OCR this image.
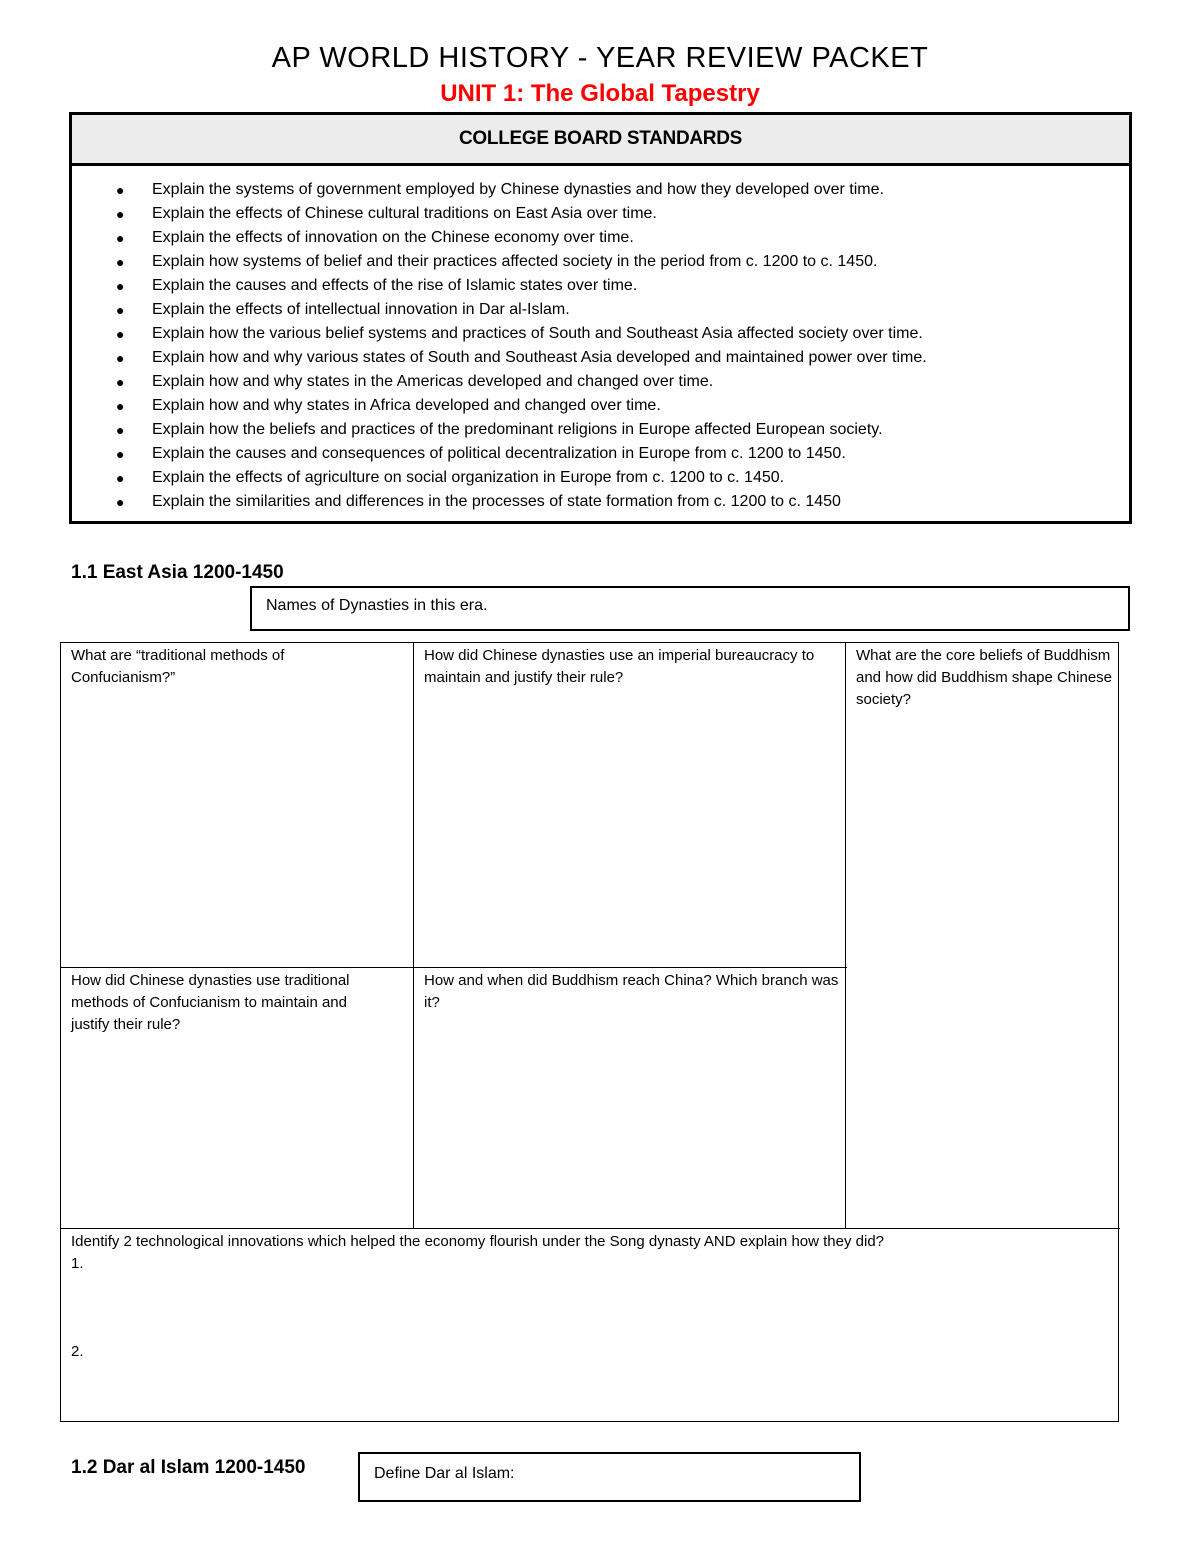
AP WORLD HISTORY - YEAR REVIEW PACKET
UNIT 1: The Global Tapestry
COLLEGE BOARD STANDARDS
● Explain the systems of government employed by Chinese dynasties and how they developed over time.
● Explain the effects of Chinese cultural traditions on East Asia over time.
● Explain the effects of innovation on the Chinese economy over time.
● Explain how systems of belief and their practices affected society in the period from c. 1200 to c. 1450.
● Explain the causes and effects of the rise of Islamic states over time.
● Explain the effects of intellectual innovation in Dar al-Islam.
● Explain how the various belief systems and practices of South and Southeast Asia affected society over time.
● Explain how and why various states of South and Southeast Asia developed and maintained power over time.
● Explain how and why states in the Americas developed and changed over time.
● Explain how and why states in Africa developed and changed over time.
● Explain how the beliefs and practices of the predominant religions in Europe affected European society.
● Explain the causes and consequences of political decentralization in Europe from c. 1200 to 1450.
● Explain the effects of agriculture on social organization in Europe from c. 1200 to c. 1450.
● Explain the similarities and differences in the processes of state formation from c. 1200 to c. 1450
1.1 East Asia 1200-1450
Names of Dynasties in this era.
What are “traditional methods of Confucianism?”
How did Chinese dynasties use an imperial bureaucracy to maintain and justify their rule?
What are the core beliefs of Buddhism and how did Buddhism shape Chinese society?
How did Chinese dynasties use traditional methods of Confucianism to maintain and justify their rule?
How and when did Buddhism reach China? Which branch was it?
Identify 2 technological innovations which helped the economy flourish under the Song dynasty AND explain how they did?
1.
2.
1.2 Dar al Islam 1200-1450	Define Dar al Islam:
